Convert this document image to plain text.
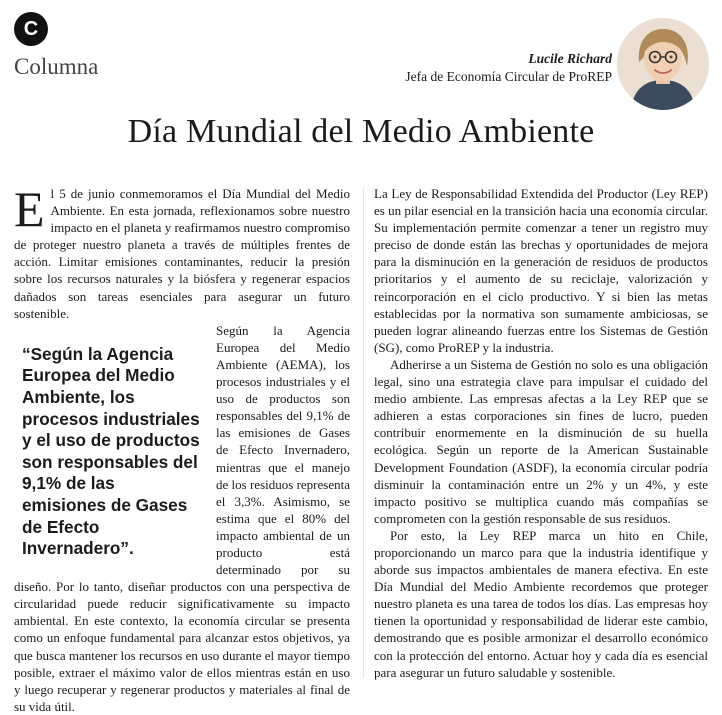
C
Columna	Lucile Richard
Jefa de Economía Circular de ProREP
Día Mundial del Medio Ambiente

El 5 de junio conmemoramos el Día Mundial del Medio Ambiente. En esta jornada, reflexionamos sobre nuestro impacto en el planeta y reafirmamos nuestro compromiso de proteger nuestro planeta a través de múltiples frentes de acción. Limitar emisiones contaminantes, reducir la presión sobre los recursos naturales y la biósfera y regenerar espacios dañados son tareas esenciales para asegurar un futuro sostenible.

“Según la Agencia Europea del Medio Ambiente, los procesos industriales y el uso de productos son responsables del 9,1% de las emisiones de Gases de Efecto Invernadero”.

Según la Agencia Europea del Medio Ambiente (AEMA), los procesos industriales y el uso de productos son responsables del 9,1% de las emisiones de Gases de Efecto Invernadero, mientras que el manejo de los residuos representa el 3,3%. Asimismo, se estima que el 80% del impacto ambiental de un producto está determinado por su diseño. Por lo tanto, diseñar productos con una perspectiva de circularidad puede reducir significativamente su impacto ambiental. En este contexto, la economía circular se presenta como un enfoque fundamental para alcanzar estos objetivos, ya que busca mantener los recursos en uso durante el mayor tiempo posible, extraer el máximo valor de ellos mientras están en uso y luego recuperar y regenerar productos y materiales al final de su vida útil.

La Ley de Responsabilidad Extendida del Productor (Ley REP) es un pilar esencial en la transición hacia una economía circular. Su implementación permite comenzar a tener un registro muy preciso de donde están las brechas y oportunidades de mejora para la disminución en la generación de residuos de productos prioritarios y el aumento de su reciclaje, valorización y reincorporación en el ciclo productivo. Y si bien las metas establecidas por la normativa son sumamente ambiciosas, se pueden lograr alineando fuerzas entre los Sistemas de Gestión (SG), como ProREP y la industria.

Adherirse a un Sistema de Gestión no solo es una obligación legal, sino una estrategia clave para impulsar el cuidado del medio ambiente. Las empresas afectas a la Ley REP que se adhieren a estas corporaciones sin fines de lucro, pueden contribuir enormemente en la disminución de su huella ecológica. Según un reporte de la American Sustainable Development Foundation (ASDF), la economía circular podría disminuir la contaminación entre un 2% y un 4%, y este impacto positivo se multiplica cuando más compañías se comprometen con la gestión responsable de sus residuos.

Por esto, la Ley REP marca un hito en Chile, proporcionando un marco para que la industria identifique y aborde sus impactos ambientales de manera efectiva. En este Día Mundial del Medio Ambiente recordemos que proteger nuestro planeta es una tarea de todos los días. Las empresas hoy tienen la oportunidad y responsabilidad de liderar este cambio, demostrando que es posible armonizar el desarrollo económico con la protección del entorno. Actuar hoy y cada día es esencial para asegurar un futuro saludable y sostenible.
